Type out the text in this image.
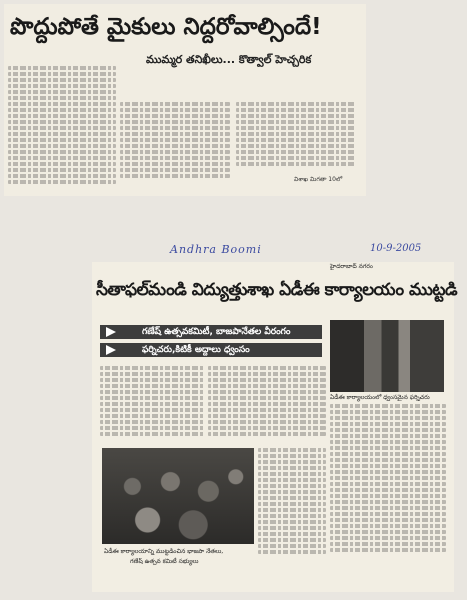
పొద్దుపోతే మైకులు నిద్దరోవాల్సిందే!
ముమ్మర తనిఖీలు... కొత్వాల్ హెచ్చరిక
విశాఖ మిగతా 10లో
Andhra Boomi	10-9-2005
హైదరాబాద్ నగరం
సీతాఫల్‌మండి విద్యుత్తుశాఖ ఏడీఈ కార్యాలయం ముట్టడి
గణేష్ ఉత్సవకమిటీ, బాజపానేతల వీరంగం
ఫర్నిచరు,కిటికీ అద్దాలు ధ్వంసం
ఏడీఈ కార్యాలయంలో ధ్వంసమైన ఫర్నిచరు
ఏడీఈ కార్యాలయాన్ని ముట్టడించిన భాజపా నేతలు,
గణేష్ ఉత్సవ కమిటీ సభ్యులు
